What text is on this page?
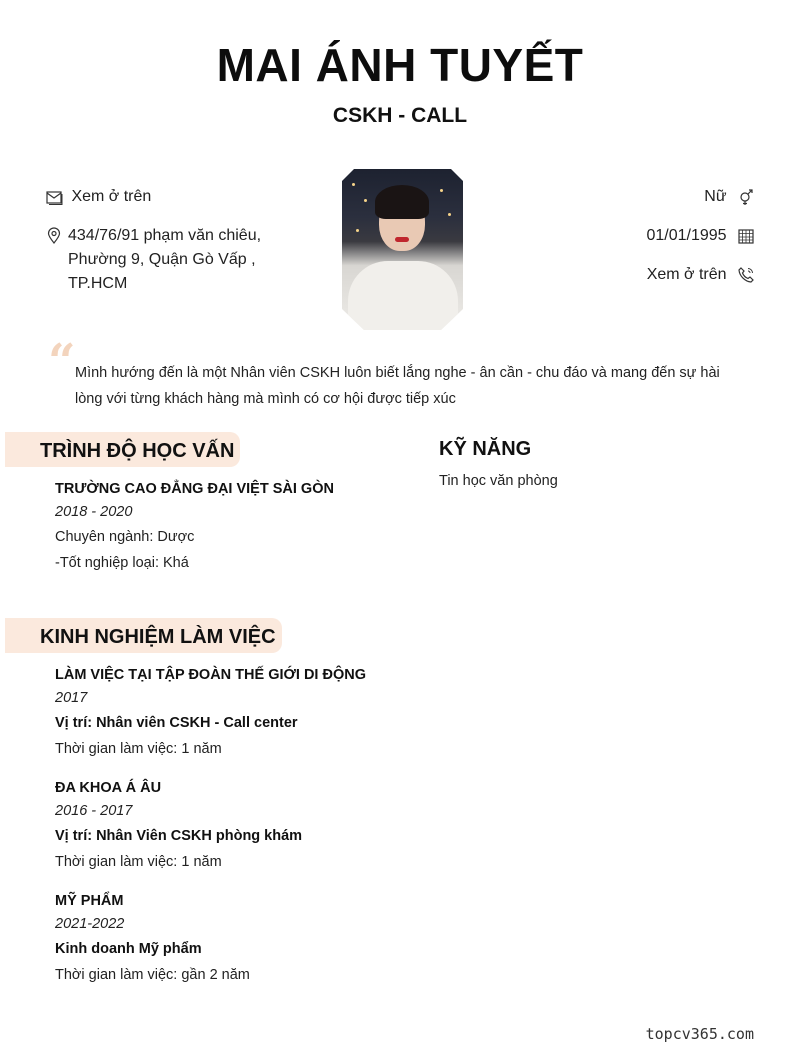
MAI ÁNH TUYẾT
CSKH - CALL
Xem ở trên
434/76/91 phạm văn chiêu,
Phường 9, Quận Gò Vấp ,
TP.HCM
Nữ
01/01/1995
Xem ở trên
“ Mình hướng đến là một Nhân viên CSKH luôn biết lắng nghe - ân cần - chu đáo và mang đến sự hài lòng với từng khách hàng mà mình có cơ hội được tiếp xúc
TRÌNH ĐỘ HỌC VẤN
TRƯỜNG CAO ĐẲNG ĐẠI VIỆT SÀI GÒN
2018 - 2020
Chuyên ngành: Dược
-Tốt nghiệp loại: Khá
KỸ NĂNG
Tin học văn phòng
KINH NGHIỆM LÀM VIỆC
LÀM VIỆC TẠI TẬP ĐOÀN THẾ GIỚI DI ĐỘNG
2017
Vị trí: Nhân viên CSKH - Call center
Thời gian làm việc: 1 năm
ĐA KHOA Á ÂU
2016 - 2017
Vị trí: Nhân Viên CSKH phòng khám
Thời gian làm việc: 1 năm
MỸ PHẨM
2021-2022
Kinh doanh Mỹ phẩm
Thời gian làm việc: gần 2 năm
topcv365.com
